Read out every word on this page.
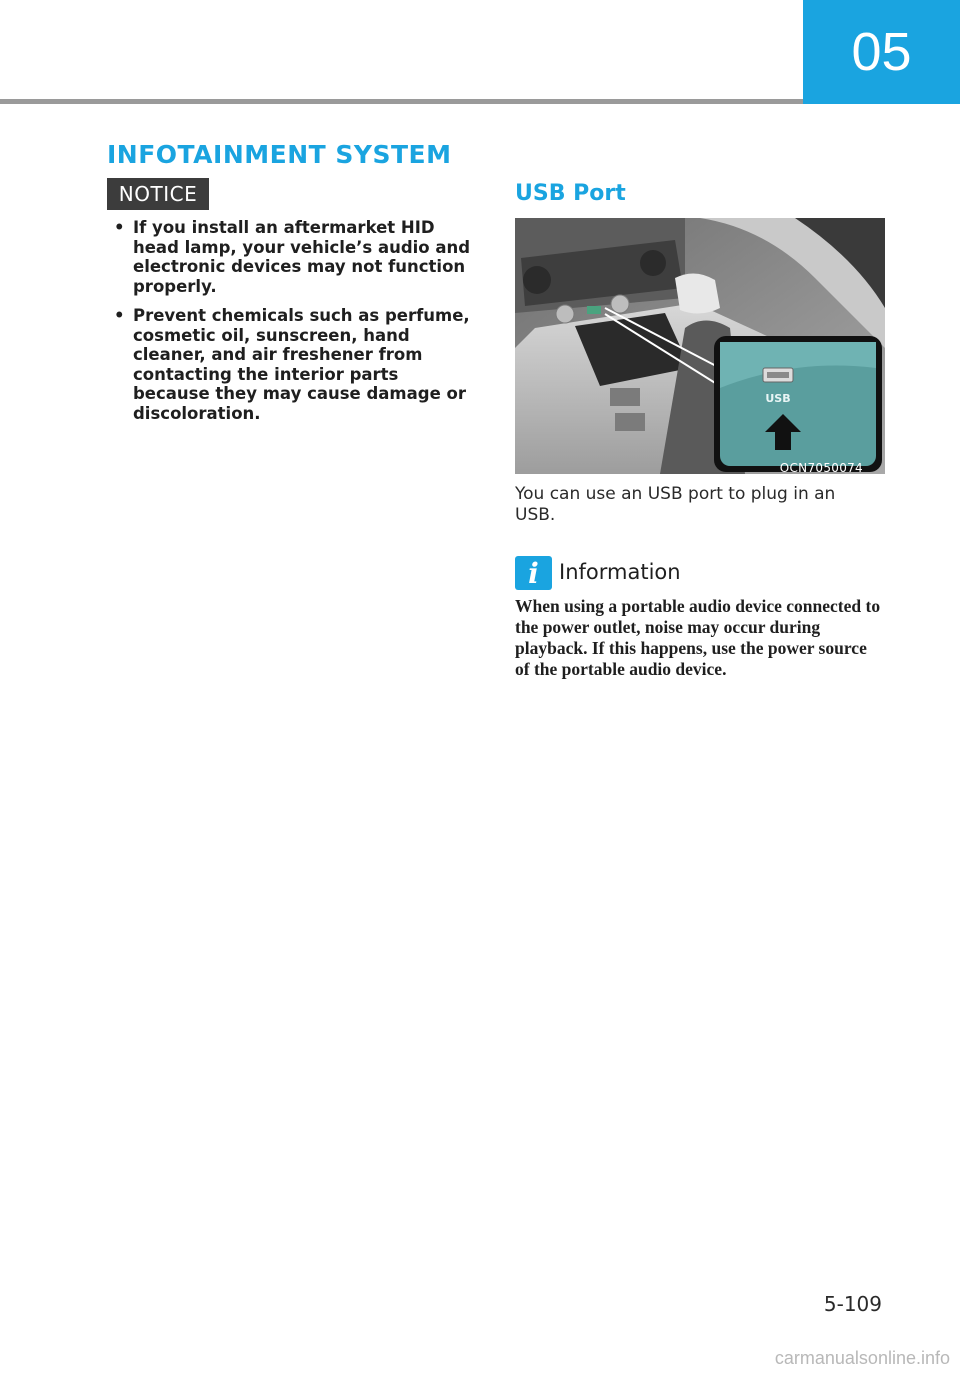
05
INFOTAINMENT SYSTEM
NOTICE
• If you install an aftermarket HID head lamp, your vehicle’s audio and electronic devices may not function properly.
• Prevent chemicals such as perfume, cosmetic oil, sunscreen, hand cleaner, and air freshener from contacting the interior parts because they may cause damage or discoloration.
USB Port
USB
OCN7050074

You can use an USB port to plug in an USB.

i Information

When using a portable audio device connected to the power outlet, noise may occur during playback. If this happens, use the power source of the portable audio device.

5-109
carmanualsonline.info
